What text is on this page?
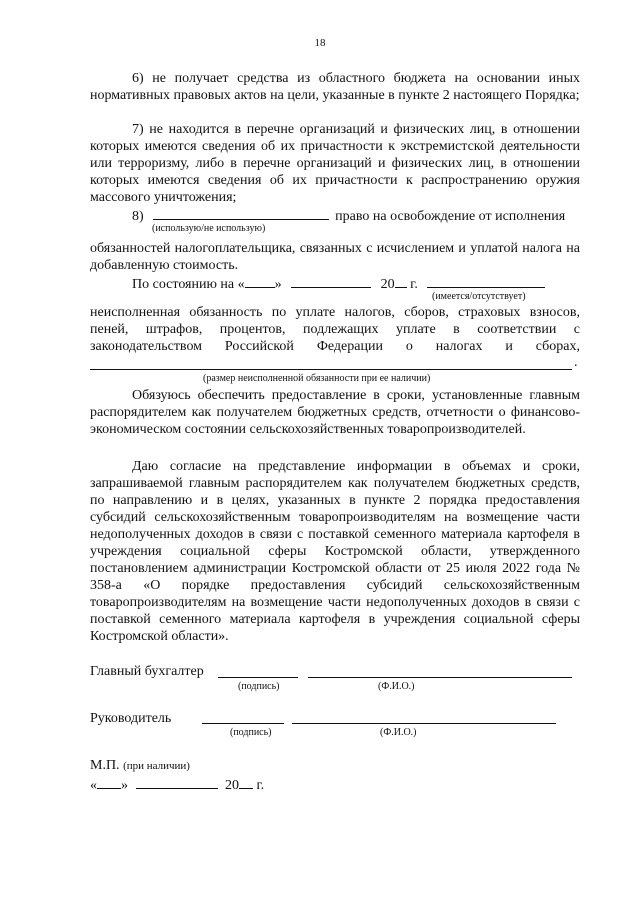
18

6) не получает средства из областного бюджета на основании иных нормативных правовых актов на цели, указанные в пункте 2 настоящего Порядка;

7) не находится в перечне организаций и физических лиц, в отношении которых имеются сведения об их причастности к экстремистской деятельности или терроризму, либо в перечне организаций и физических лиц, в отношении которых имеются сведения об их причастности к распространению оружия массового уничтожения;

8)	право на освобождение от исполнения
(использую/не использую)

обязанностей налогоплательщика, связанных с исчислением и уплатой налога на добавленную стоимость.

По состоянию на « »	20 г.
(имеется/отсутствует)

неисполненная обязанность по уплате налогов, сборов, страховых взносов, пеней, штрафов, процентов, подлежащих уплате в соответствии с законодательством Российской Федерации о налогах и сборах,

.
(размер неисполненной обязанности при ее наличии)

Обязуюсь обеспечить предоставление в сроки, установленные главным распорядителем как получателем бюджетных средств, отчетности о финансово-экономическом состоянии сельскохозяйственных товаропроизводителей.

Даю согласие на представление информации в объемах и сроки, запрашиваемой главным распорядителем как получателем бюджетных средств, по направлению и в целях, указанных в пункте 2 порядка предоставления субсидий сельскохозяйственным товаропроизводителям на возмещение части недополученных доходов в связи с поставкой семенного материала картофеля в учреждения социальной сферы Костромской области, утвержденного постановлением администрации Костромской области от 25 июля 2022 года № 358-а «О порядке предоставления субсидий сельскохозяйственным товаропроизводителям на возмещение части недополученных доходов в связи с поставкой семенного материала картофеля в учреждения социальной сферы Костромской области».

Главный бухгалтер
(подпись)	(Ф.И.О.)
Руководитель
(подпись)	(Ф.И.О.)
М.П. (при наличии)
« »	20 г.
